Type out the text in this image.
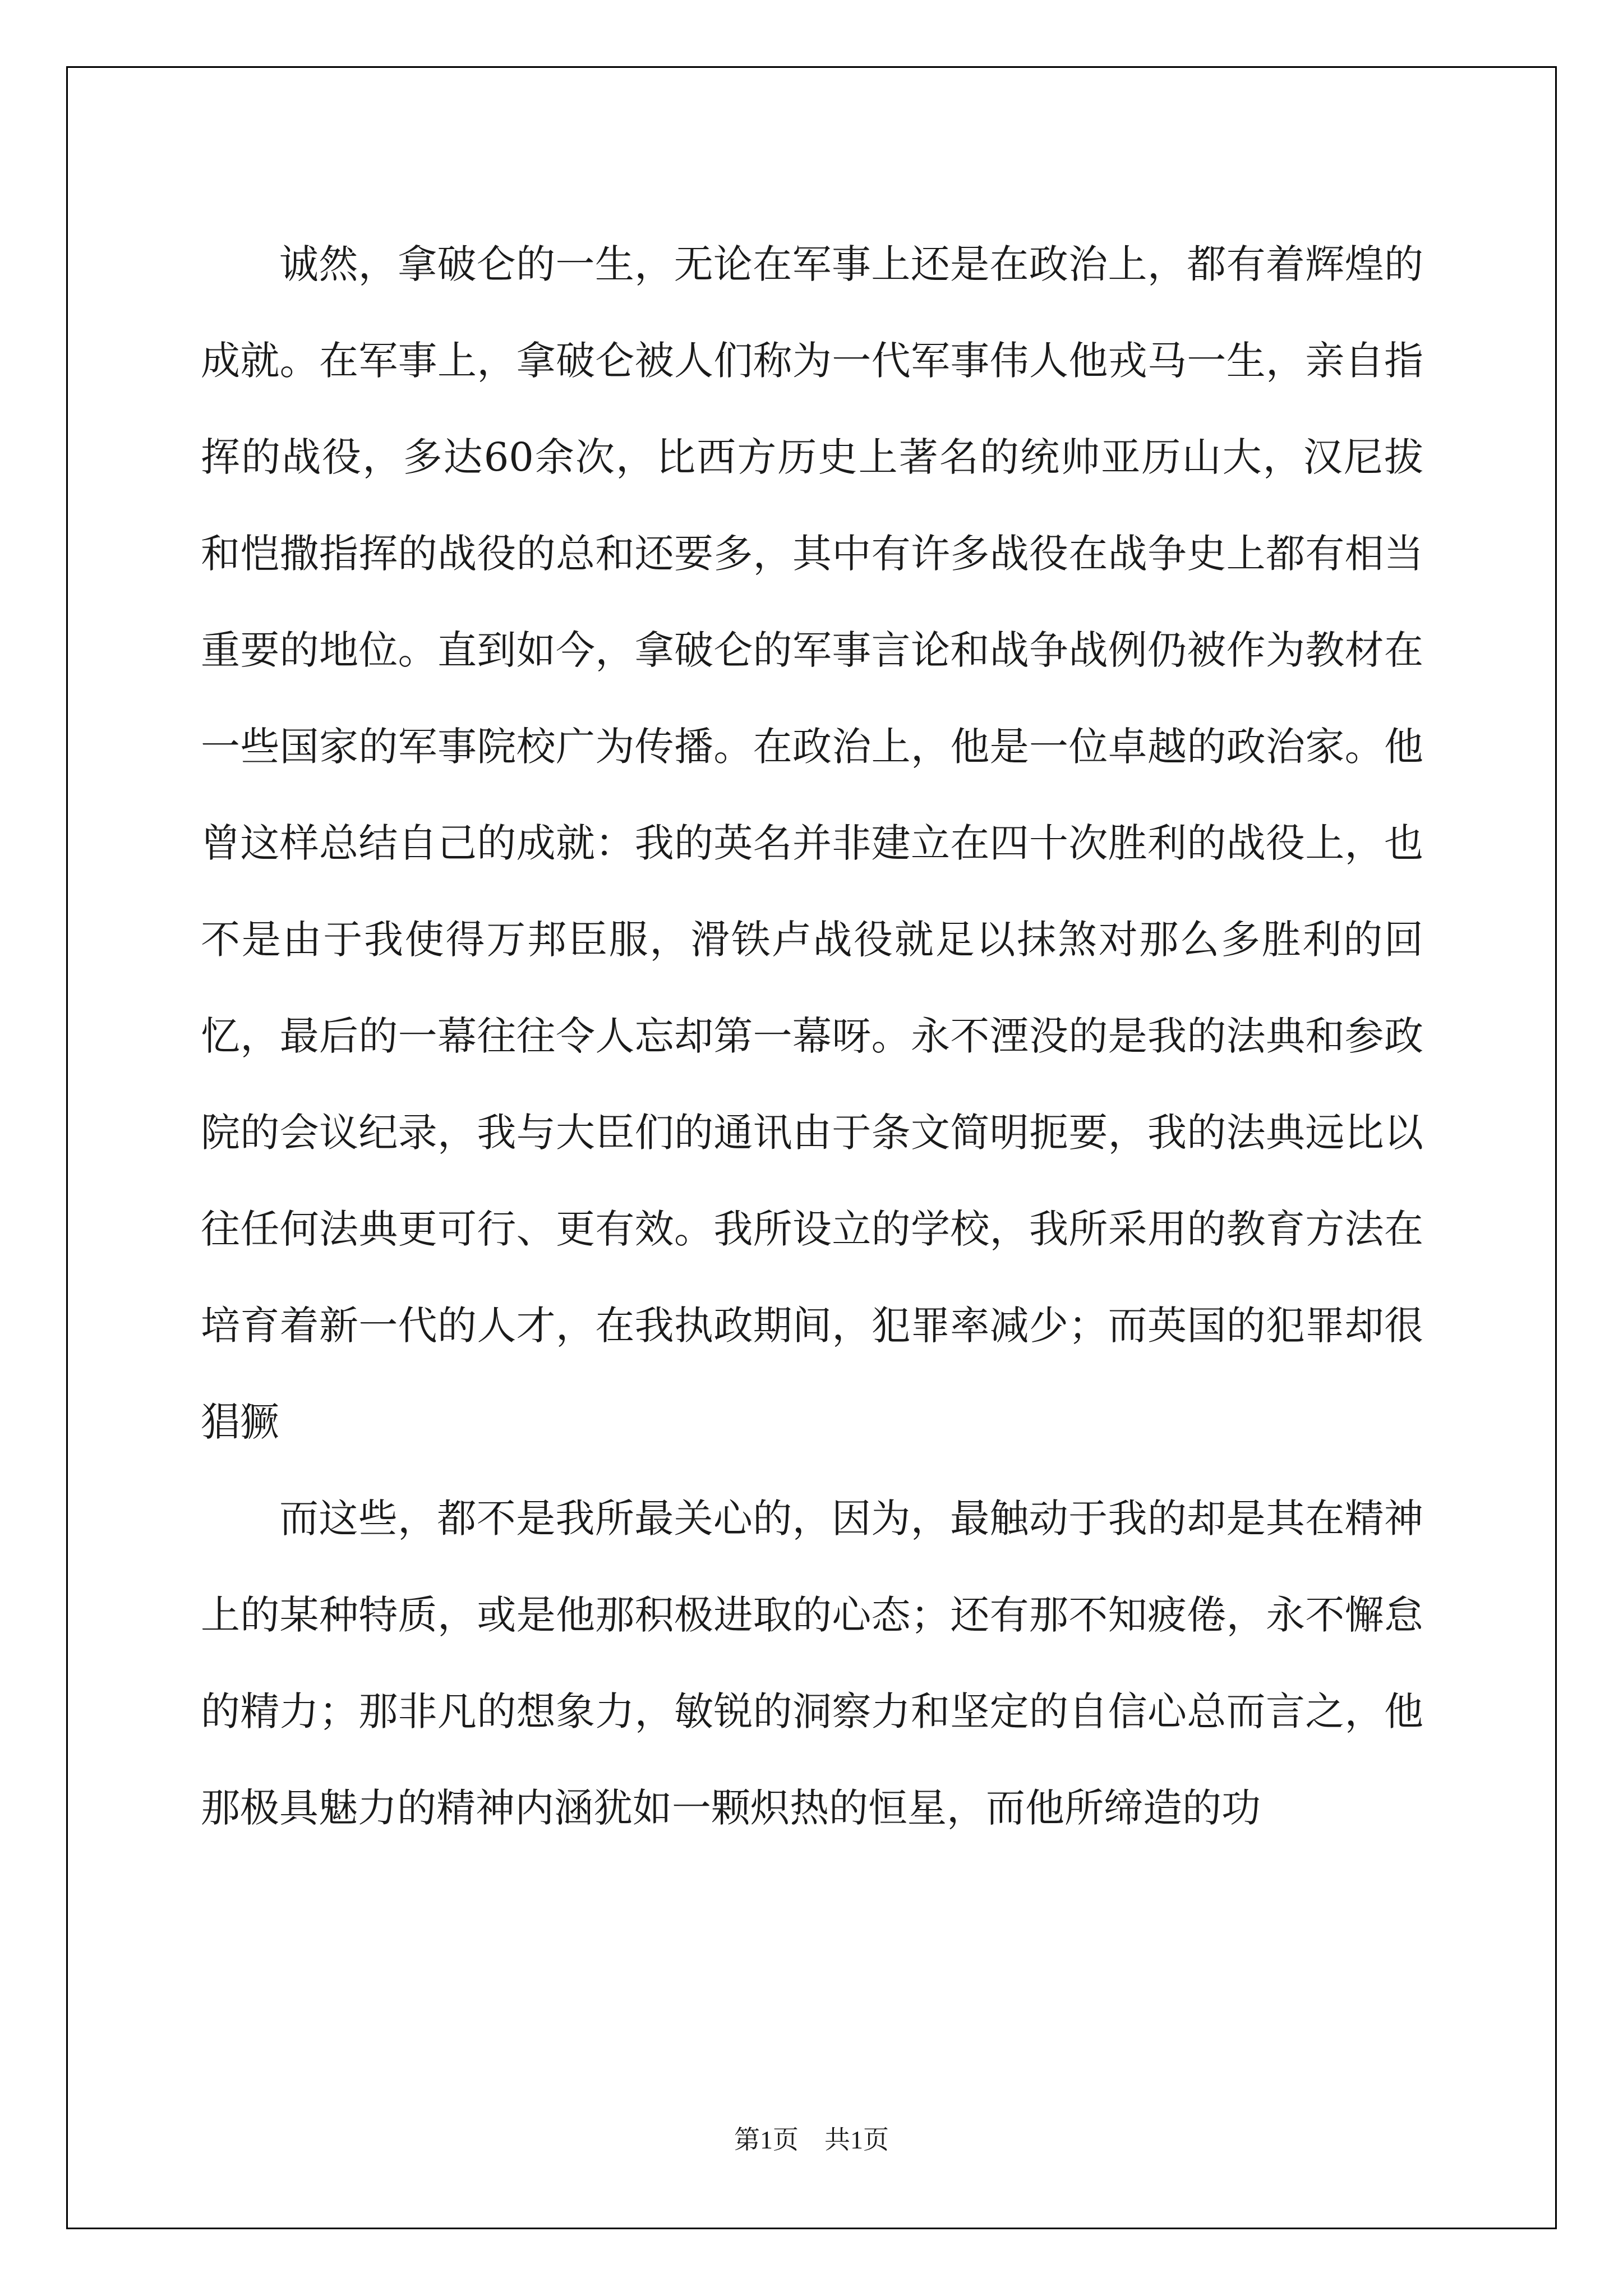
诚然，拿破仑的一生，无论在军事上还是在政治上，都有着辉煌的成就。在军事上，拿破仑被人们称为一代军事伟人他戎马一生，亲自指挥的战役，多达60余次，比西方历史上著名的统帅亚历山大，汉尼拔和恺撒指挥的战役的总和还要多，其中有许多战役在战争史上都有相当重要的地位。直到如今，拿破仑的军事言论和战争战例仍被作为教材在一些国家的军事院校广为传播。在政治上，他是一位卓越的政治家。他曾这样总结自己的成就：我的英名并非建立在四十次胜利的战役上，也不是由于我使得万邦臣服，滑铁卢战役就足以抹煞对那么多胜利的回忆，最后的一幕往往令人忘却第一幕呀。永不湮没的是我的法典和参政院的会议纪录，我与大臣们的通讯由于条文简明扼要，我的法典远比以往任何法典更可行、更有效。我所设立的学校，我所采用的教育方法在培育着新一代的人才，在我执政期间，犯罪率减少；而英国的犯罪却很猖獗

而这些，都不是我所最关心的，因为，最触动于我的却是其在精神上的某种特质，或是他那积极进取的心态；还有那不知疲倦，永不懈怠的精力；那非凡的想象力，敏锐的洞察力和坚定的自信心总而言之，他那极具魅力的精神内涵犹如一颗炽热的恒星，而他所缔造的功

第1页　共1页
